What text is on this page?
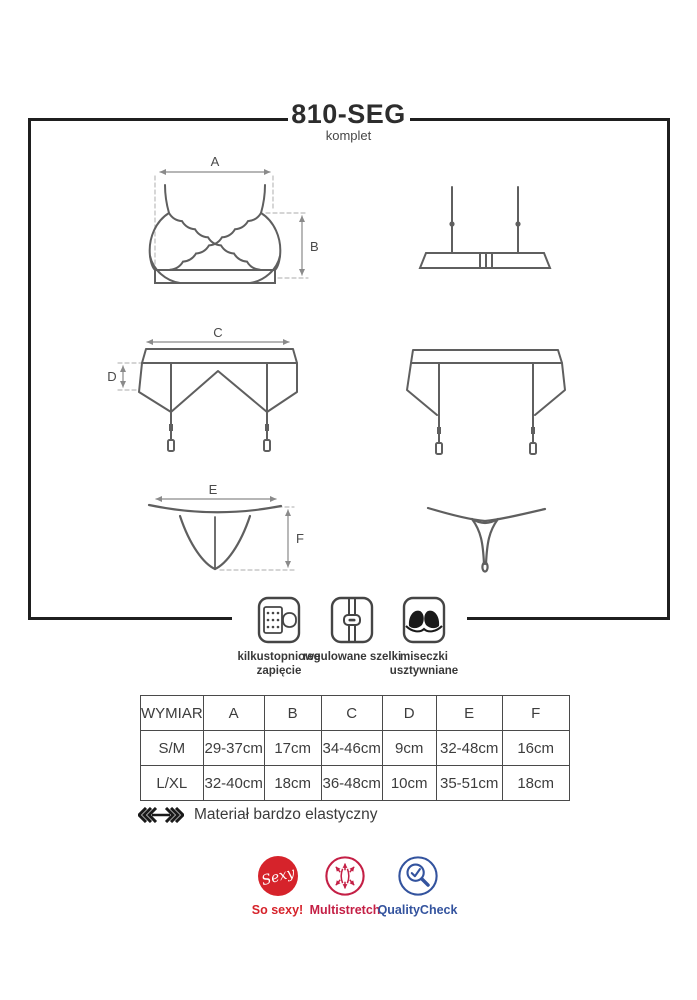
810-SEG
komplet
A
B
C
D
E
F
kilkustopniowe zapięcie
regulowane szelki
miseczki usztywniane
WYMIAR	A	B	C	D	E	F
S/M	29-37cm	17cm	34-46cm	9cm	32-48cm	16cm
L/XL	32-40cm	18cm	36-48cm	10cm	35-51cm	18cm
Materiał bardzo elastyczny
Sexy
So sexy! Multistretch
QualityCheck
